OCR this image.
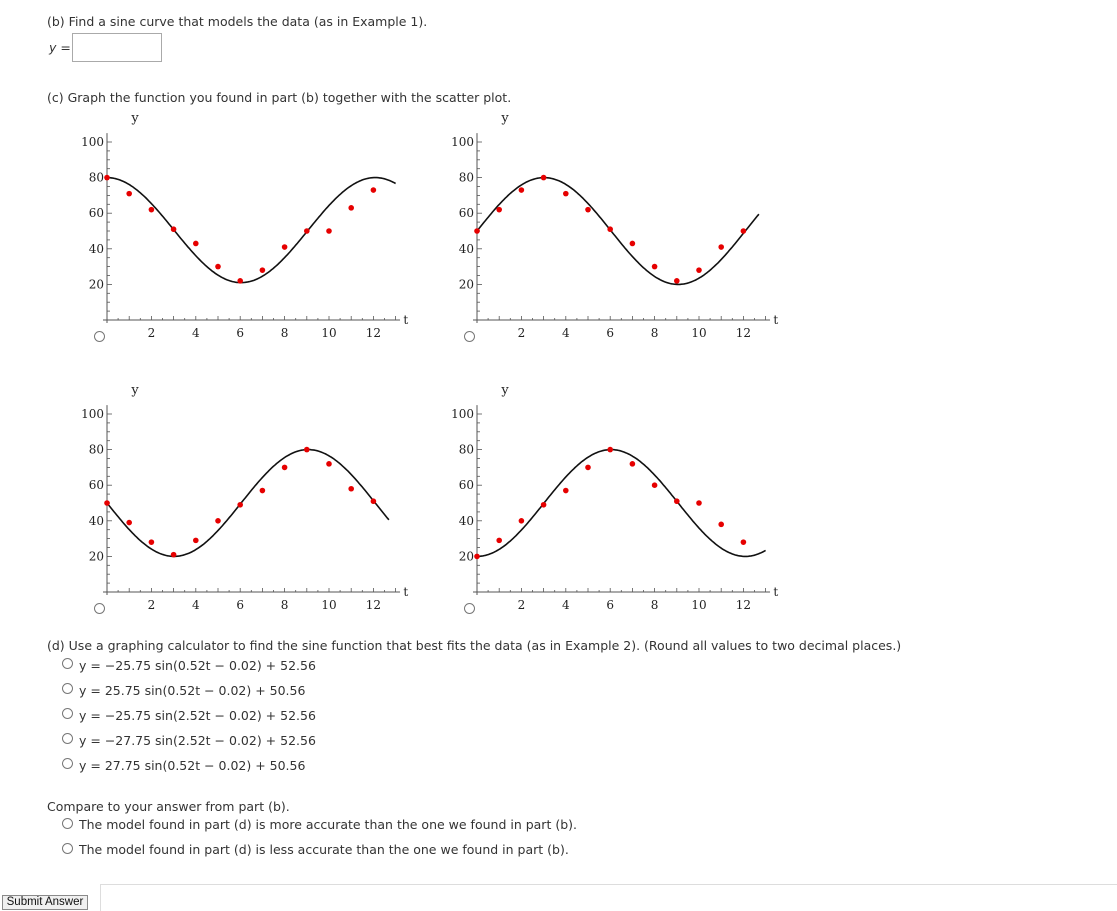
(b) Find a sine curve that models the data (as in Example 1).
y =
(c) Graph the function you found in part (b) together with the scatter plot.
2	4	6	8	10 12
20
40
60
80
100
y
t
2	4	6	8	10 12
20
40
60
80
100
y
t
2	4	6	8	10 12
20
40
60
80
100
y
t
2	4	6	8	10 12
20
40
60
80
100
y
t
(d) Use a graphing calculator to find the sine function that best fits the data (as in Example 2). (Round all values to two decimal places.)
y = −25.75 sin(0.52t − 0.02) + 52.56
y = 25.75 sin(0.52t − 0.02) + 50.56
y = −25.75 sin(2.52t − 0.02) + 52.56
y = −27.75 sin(2.52t − 0.02) + 52.56
y = 27.75 sin(0.52t − 0.02) + 50.56
Compare to your answer from part (b).
The model found in part (d) is more accurate than the one we found in part (b).
The model found in part (d) is less accurate than the one we found in part (b).
Submit Answer
